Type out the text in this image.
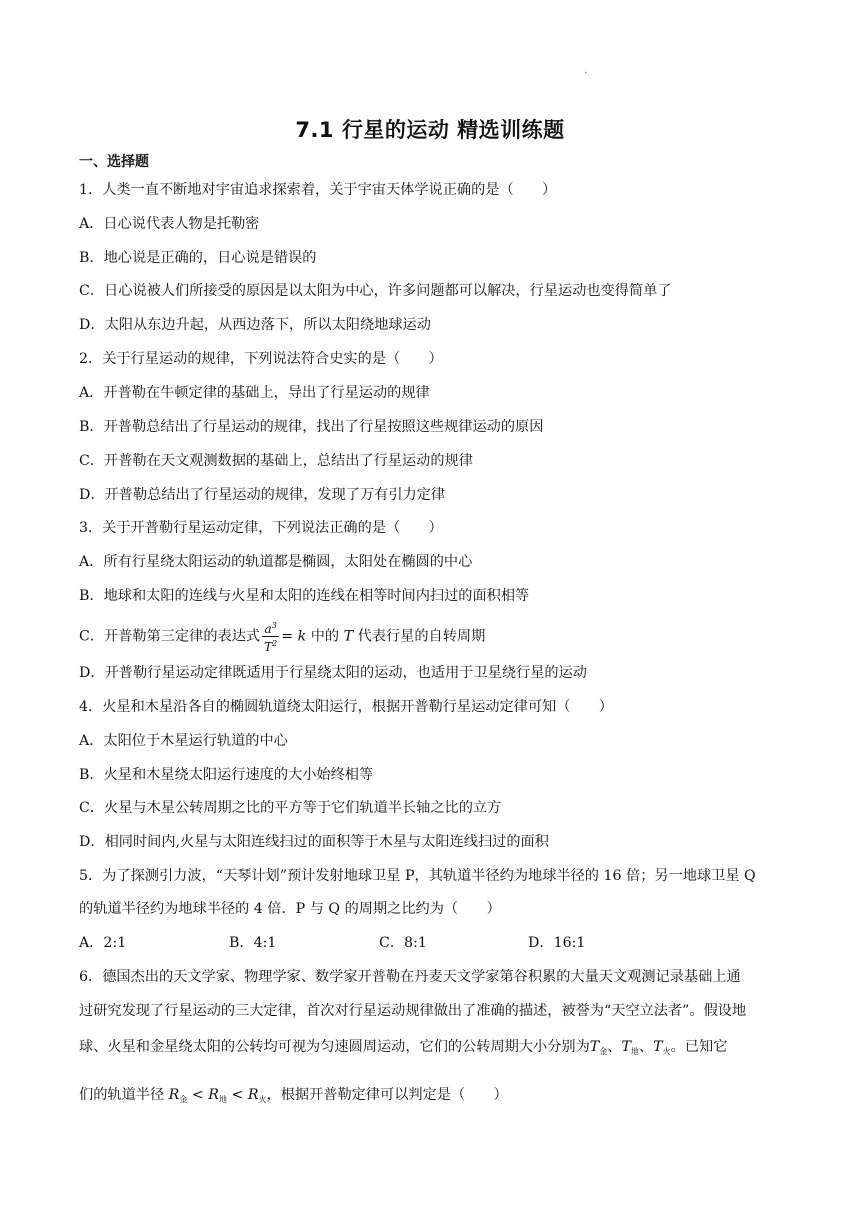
·
7.1 行星的运动 精选训练题
一、选择题
1．人类一直不断地对宇宙追求探索着，关于宇宙天体学说正确的是（　　）
A．日心说代表人物是托勒密
B．地心说是正确的，日心说是错误的
C．日心说被人们所接受的原因是以太阳为中心，许多问题都可以解决，行星运动也变得简单了
D．太阳从东边升起，从西边落下，所以太阳绕地球运动
2．关于行星运动的规律，下列说法符合史实的是（　　）
A．开普勒在牛顿定律的基础上，导出了行星运动的规律
B．开普勒总结出了行星运动的规律，找出了行星按照这些规律运动的原因
C．开普勒在天文观测数据的基础上，总结出了行星运动的规律
D．开普勒总结出了行星运动的规律，发现了万有引力定律
3．关于开普勒行星运动定律，下列说法正确的是（　　）
A．所有行星绕太阳运动的轨道都是椭圆，太阳处在椭圆的中心
B．地球和太阳的连线与火星和太阳的连线在相等时间内扫过的面积相等
C．开普勒第三定律的表达式 $\frac{a^3}{T^2} = k$ 中的 T 代表行星的自转周期
D．开普勒行星运动定律既适用于行星绕太阳的运动，也适用于卫星绕行星的运动
4．火星和木星沿各自的椭圆轨道绕太阳运行，根据开普勒行星运动定律可知（　　）
A．太阳位于木星运行轨道的中心
B．火星和木星绕太阳运行速度的大小始终相等
C．火星与木星公转周期之比的平方等于它们轨道半长轴之比的立方
D．相同时间内,火星与太阳连线扫过的面积等于木星与太阳连线扫过的面积
5．为了探测引力波，“天琴计划”预计发射地球卫星 P，其轨道半径约为地球半径的 16 倍；另一地球卫星 Q
的轨道半径约为地球半径的 4 倍．P 与 Q 的周期之比约为（　　）
A．2:1	B．4:1	C．8:1	D．16:1
6．德国杰出的天文学家、物理学家、数学家开普勒在丹麦天文学家第谷积累的大量天文观测记录基础上通
过研究发现了行星运动的三大定律，首次对行星运动规律做出了准确的描述，被誉为“天空立法者”。假设地
球、火星和金星绕太阳的公转均可视为匀速圆周运动，它们的公转周期大小分别为$T_金$、$T_地$、$T_火$。已知它
们的轨道半径 $R_金 < R_地 < R_火$，根据开普勒定律可以判定是（　　）
